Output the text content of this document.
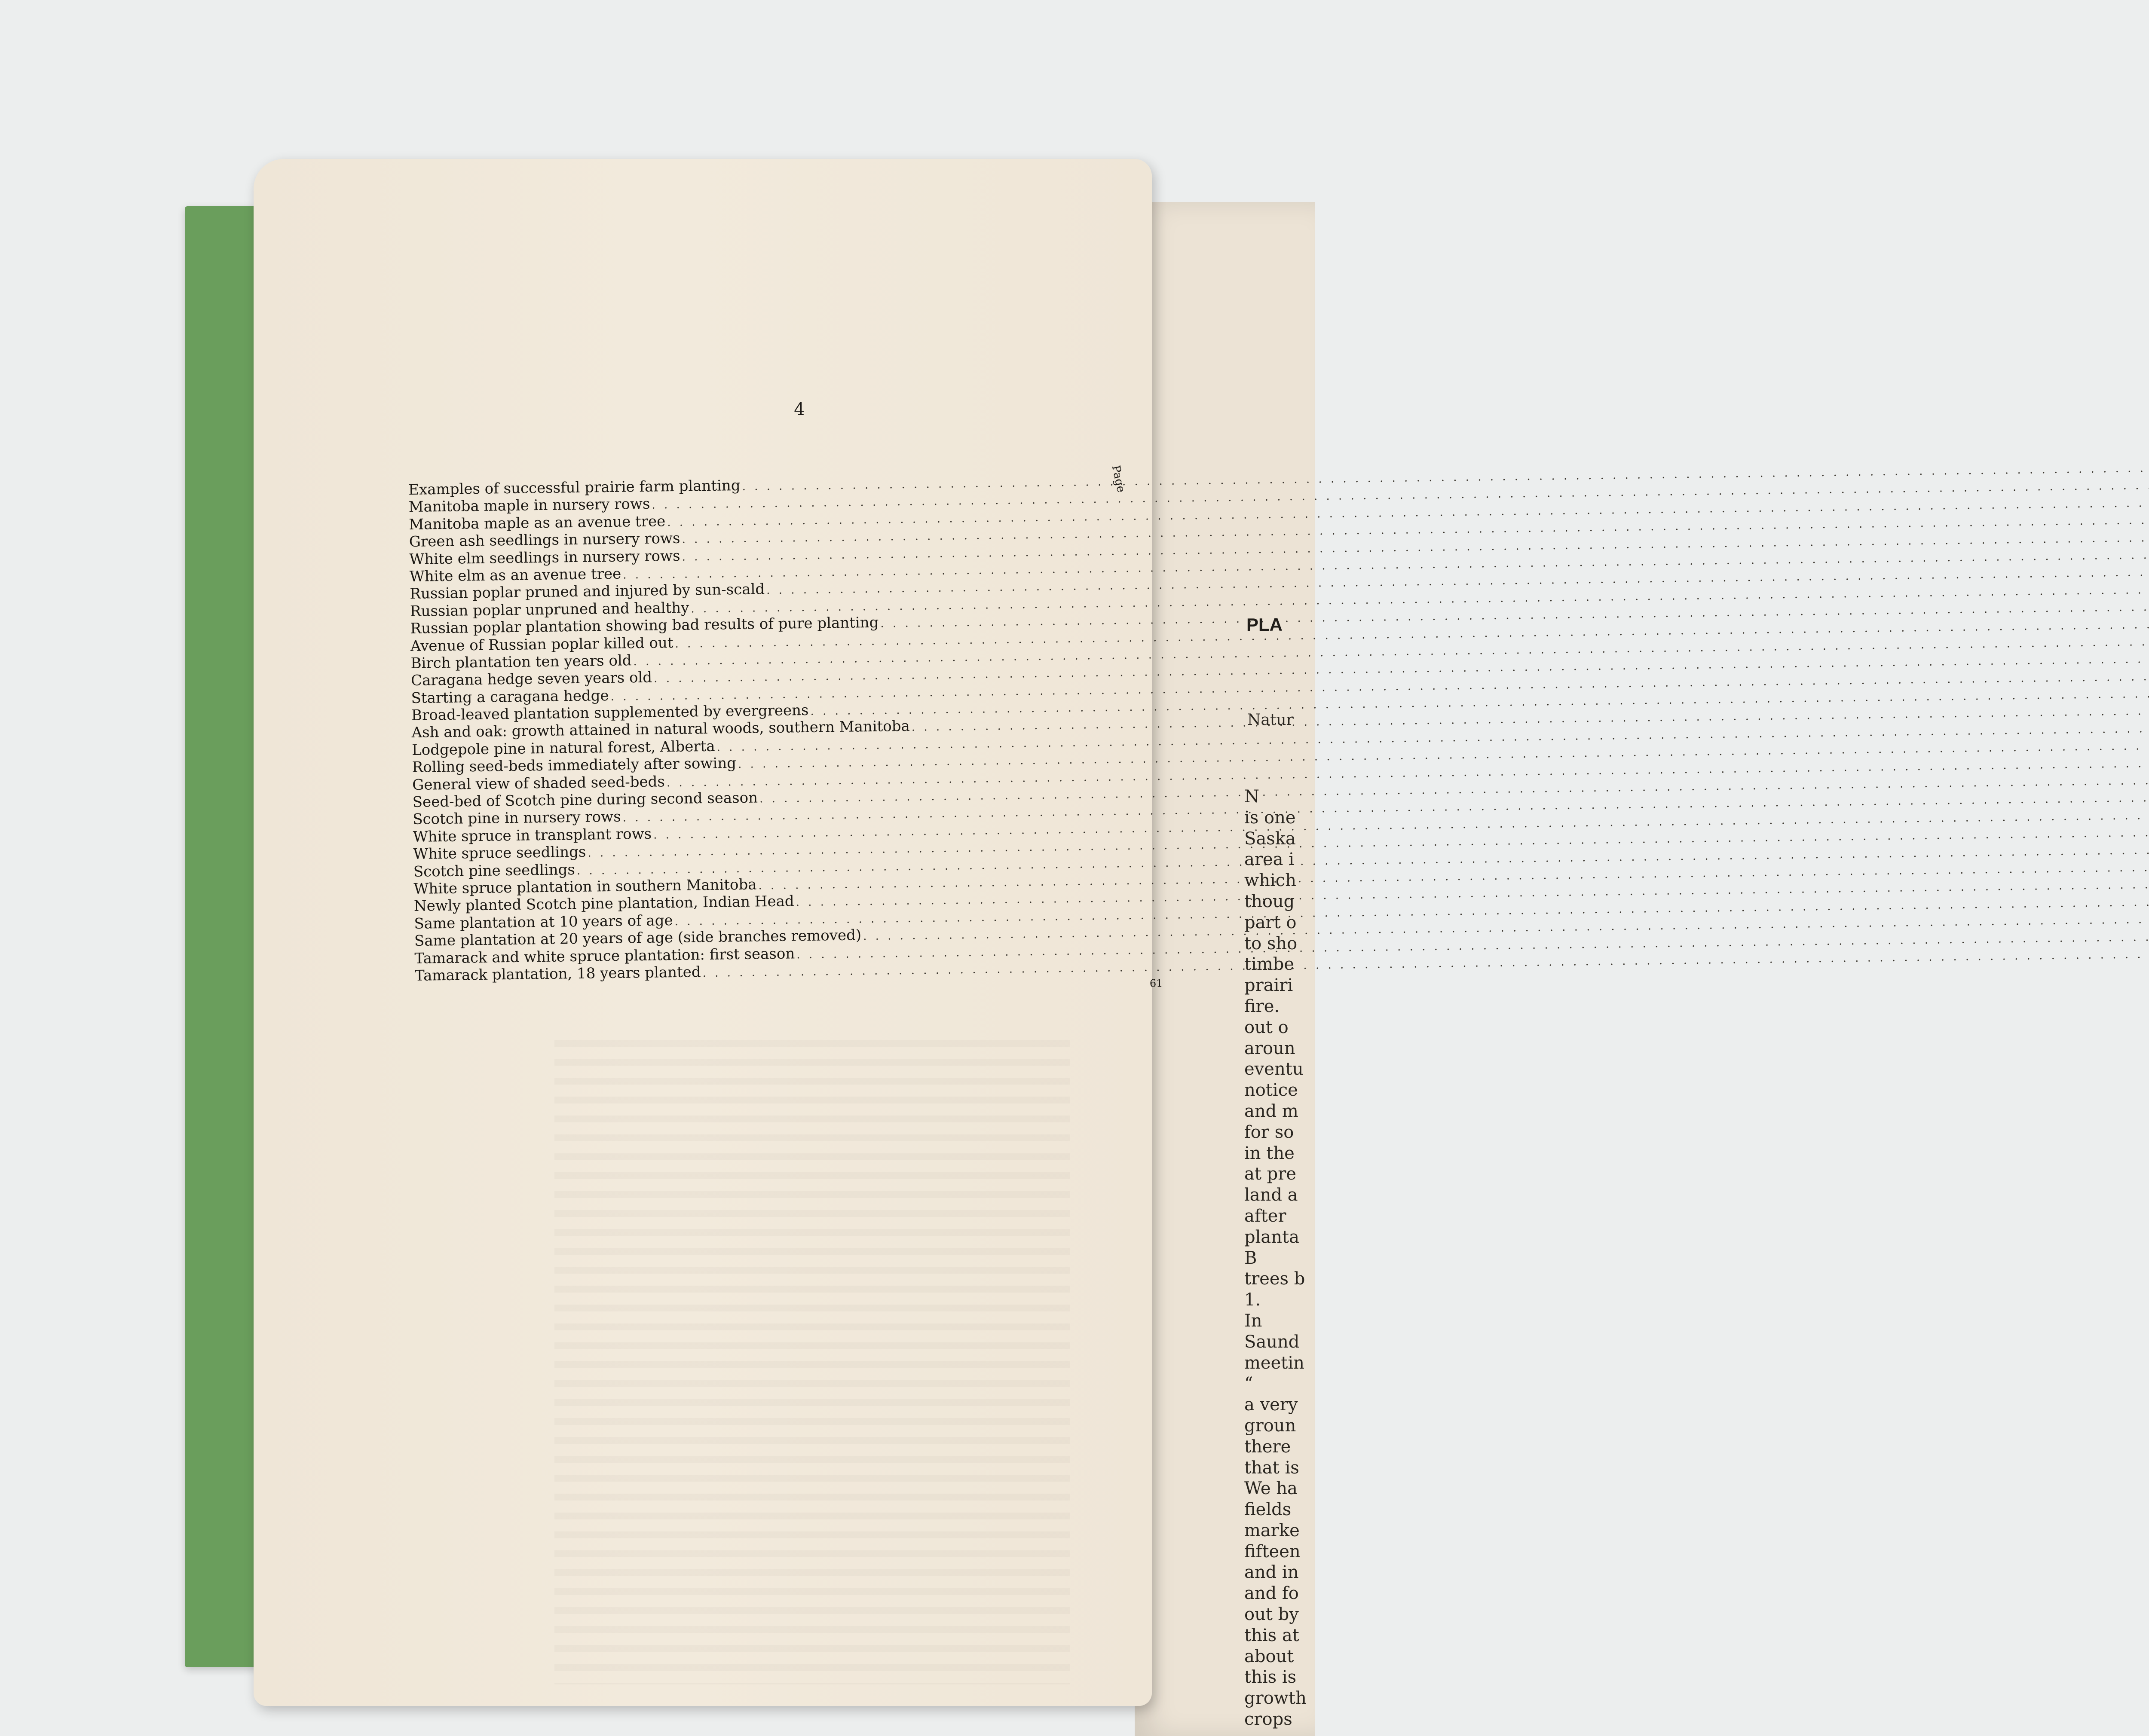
PLA
Natur
N
is one
Saska
area i
which
thoug
part o
to sho
timbe
prairi
fire.
out o
aroun
eventu
notice
and m
for so
in the
at pre
land a
after
planta
B
trees b
1.
In
Saund
meetin
“
a very
groun
there
that is
We ha
fields
marke
fifteen
and in
and fo
out by
this at
about
this is
growth
crops
4
Page
Examples of successful prairie farm planting
. . .
Manitoba maple in nursery rows
. . .
Manitoba maple as an avenue tree
. . .
Green ash seedlings in nursery rows
. . .
White elm seedlings in nursery rows
. . .
White elm as an avenue tree
. . .
Russian poplar pruned and injured by sun-scald
. . .
Russian poplar unpruned and healthy
. . .
Russian poplar plantation showing bad results of pure planting
. . .
Avenue of Russian poplar killed out
. . .
Birch plantation ten years old
. . .
Caragana hedge seven years old
. . .
Starting a caragana hedge
. . .
Broad-leaved plantation supplemented by evergreens
. . .
Ash and oak: growth attained in natural woods, southern Manitoba
. . .
Lodgepole pine in natural forest, Alberta
. . .
Rolling seed-beds immediately after sowing
. . .
General view of shaded seed-beds
. . .
Seed-bed of Scotch pine during second season
. . .
Scotch pine in nursery rows
. . .
White spruce in transplant rows
. . .
White spruce seedlings
. . .
Scotch pine seedlings
. . .
White spruce plantation in southern Manitoba
. . .
Newly planted Scotch pine plantation, Indian Head
. . .
Same plantation at 10 years of age
. . .
Same plantation at 20 years of age (side branches removed)
. . .
Tamarack and white spruce plantation: first season
. . .
Tamarack plantation, 18 years planted
. . .	61
